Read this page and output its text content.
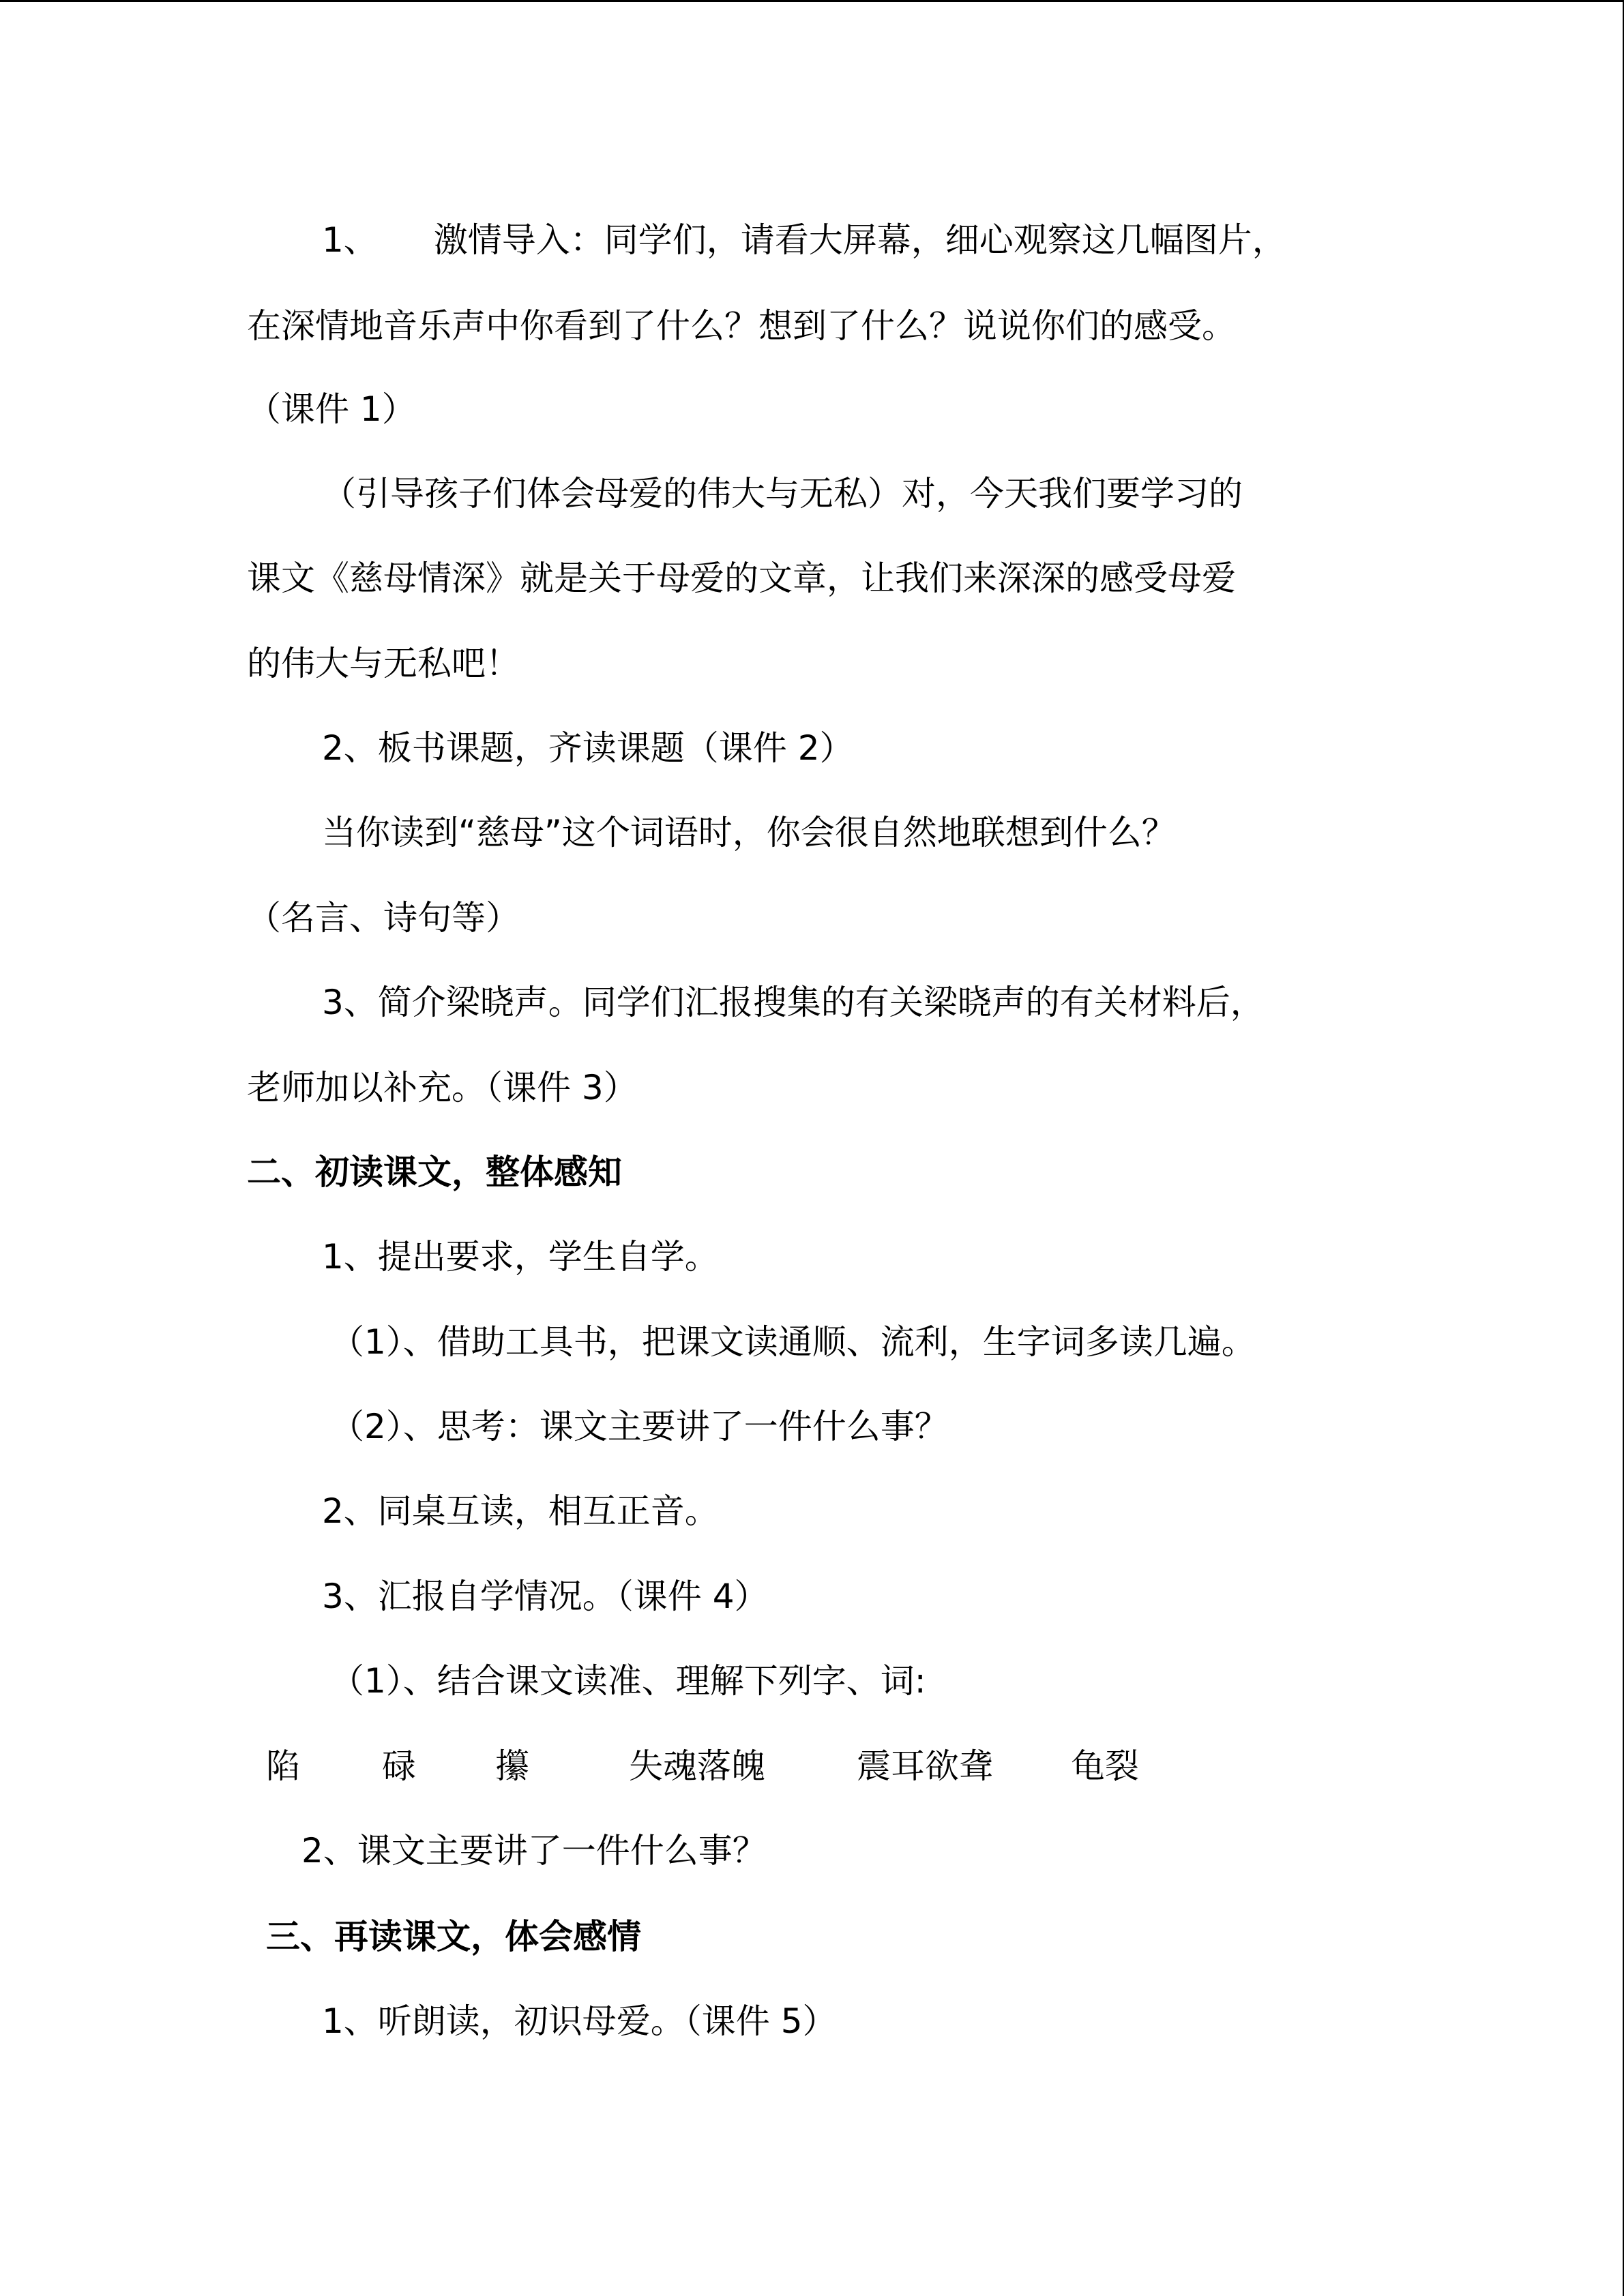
1、 激情导入：同学们，请看大屏幕，细心观察这几幅图片，
在深情地音乐声中你看到了什么？想到了什么？说说你们的感受。
（课件 1）
（引导孩子们体会母爱的伟大与无私）对，今天我们要学习的
课文《慈母情深》就是关于母爱的文章，让我们来深深的感受母爱
的伟大与无私吧！
2、板书课题，齐读课题（课件 2）
当你读到“慈母”这个词语时，你会很自然地联想到什么？
（名言、诗句等）
3、简介梁晓声。同学们汇报搜集的有关梁晓声的有关材料后，
老师加以补充。（课件 3）
二、初读课文，整体感知
1、提出要求，学生自学。
（1）、借助工具书，把课文读通顺、流利，生字词多读几遍。
（2）、思考：课文主要讲了一件什么事？
2、同桌互读，相互正音。
3、汇报自学情况。（课件 4）
（1）、结合课文读准、理解下列字、词:
陷 碌 攥	失魂落魄	震耳欲聋 龟裂
2、课文主要讲了一件什么事？
三、再读课文，体会感情
1、听朗读，初识母爱。（课件 5）
